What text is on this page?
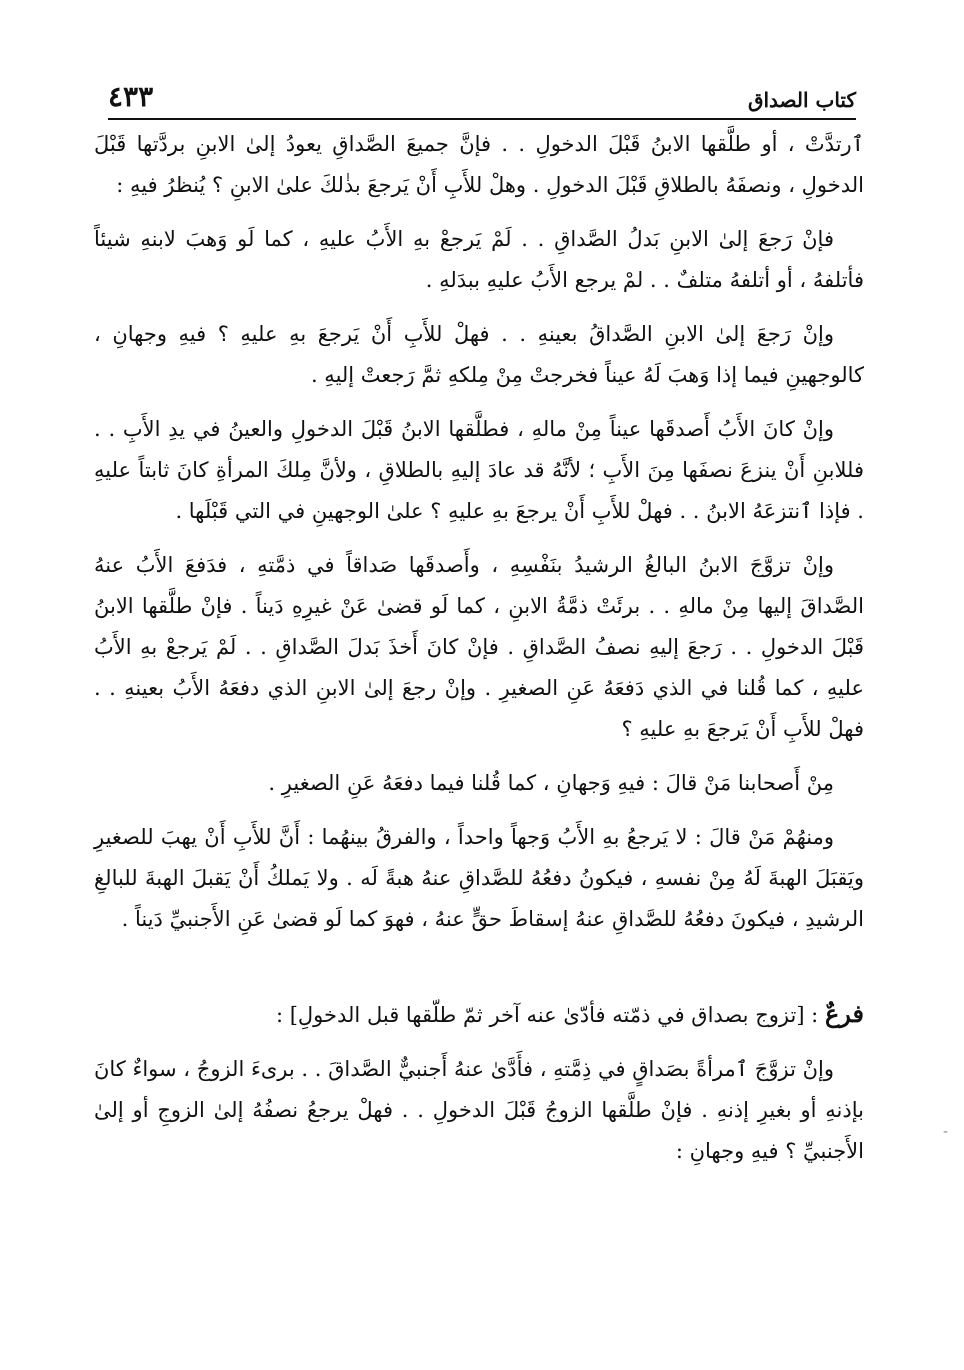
كتاب الصداق
٤٣٣

ٱرتدَّتْ ، أو طلَّقها الابنُ قَبْلَ الدخولِ . . فإنَّ جميعَ الصَّداقِ يعودُ إلىٰ الابنِ بردَّتها قَبْلَ الدخولِ ، ونصفَهُ بالطلاقِ قَبْلَ الدخولِ . وهلْ للأَبِ أَنْ يَرجعَ بذٰلكَ علىٰ الابنِ ؟ يُنظرُ فيهِ :

فإنْ رَجعَ إلىٰ الابنِ بَدلُ الصَّداقِ . . لَمْ يَرجعْ بهِ الأَبُ عليهِ ، كما لَو وَهبَ لابنهِ شيئاً فأتلفهُ ، أو أتلفهُ متلفٌ . . لمْ يرجع الأَبُ عليهِ ببدَلهِ .

وإنْ رَجعَ إلىٰ الابنِ الصَّداقُ بعينهِ . . فهلْ للأَبِ أَنْ يَرجعَ بهِ عليهِ ؟ فيهِ وجهانِ ، كالوجهينِ فيما إذا وَهبَ لَهُ عيناً فخرجتْ مِنْ مِلكهِ ثمَّ رَجعتْ إليهِ .

وإنْ كانَ الأَبُ أَصدقَها عيناً مِنْ مالهِ ، فطلَّقها الابنُ قَبْلَ الدخولِ والعينُ في يدِ الأَبِ . . فللابنِ أَنْ ينزعَ نصفَها مِنَ الأَبِ ؛ لأنَّهُ قد عادَ إليهِ بالطلاقِ ، ولأنَّ مِلكَ المرأةِ كانَ ثابتاً عليهِ . فإذا ٱنتزعَهُ الابنُ . . فهلْ للأَبِ أَنْ يرجعَ بهِ عليهِ ؟ علىٰ الوجهينِ في التي قَبْلَها .

وإنْ تزوَّجَ الابنُ البالغُ الرشيدُ بنَفْسِهِ ، وأَصدقَها صَداقاً في ذمَّتهِ ، فدَفعَ الأَبُ عنهُ الصَّداقَ إليها مِنْ مالهِ . . برئَتْ ذمَّةُ الابنِ ، كما لَو قضىٰ عَنْ غيرِهِ دَيناً . فإنْ طلَّقها الابنُ قَبْلَ الدخولِ . . رَجعَ إليهِ نصفُ الصَّداقِ . فإنْ كانَ أَخذَ بَدلَ الصَّداقِ . . لَمْ يَرجعْ بهِ الأَبُ عليهِ ، كما قُلنا في الذي دَفعَهُ عَنِ الصغيرِ . وإنْ رجعَ إلىٰ الابنِ الذي دفعَهُ الأَبُ بعينهِ . . فهلْ للأَبِ أَنْ يَرجعَ بهِ عليهِ ؟

مِنْ أَصحابنا مَنْ قالَ : فيهِ وَجهانِ ، كما قُلنا فيما دفعَهُ عَنِ الصغيرِ .

ومنهُمْ مَنْ قالَ : لا يَرجعُ بهِ الأَبُ وَجهاً واحداً ، والفرقُ بينهُما : أَنَّ للأَبِ أَنْ يهبَ للصغيرِ ويَقبَلَ الهبةَ لَهُ مِنْ نفسهِ ، فيكونُ دفعُهُ للصَّداقِ عنهُ هبةً لَه . ولا يَملكُ أَنْ يَقبلَ الهبةَ للبالغِ الرشيدِ ، فيكونَ دفعُهُ للصَّداقِ عنهُ إسقاطَ حقٍّ عنهُ ، فهوَ كما لَو قضىٰ عَنِ الأَجنبيِّ دَيناً .

فرعٌ : [تزوج بصداق في ذمّته فأدّىٰ عنه آخر ثمّ طلّقها قبل الدخولِ] :

وإنْ تزوَّجَ ٱمرأةً بصَداقٍ في ذِمَّتهِ ، فأَدَّىٰ عنهُ أَجنبيٌّ الصَّداقَ . . برىءَ الزوجُ ، سواءٌ كانَ بإذنهِ أو بغيرِ إذنهِ . فإنْ طلَّقها الزوجُ قَبْلَ الدخولِ . . فهلْ يرجعُ نصفُهُ إلىٰ الزوجِ أو إلىٰ الأَجنبيِّ ؟ فيهِ وجهانِ :

-
